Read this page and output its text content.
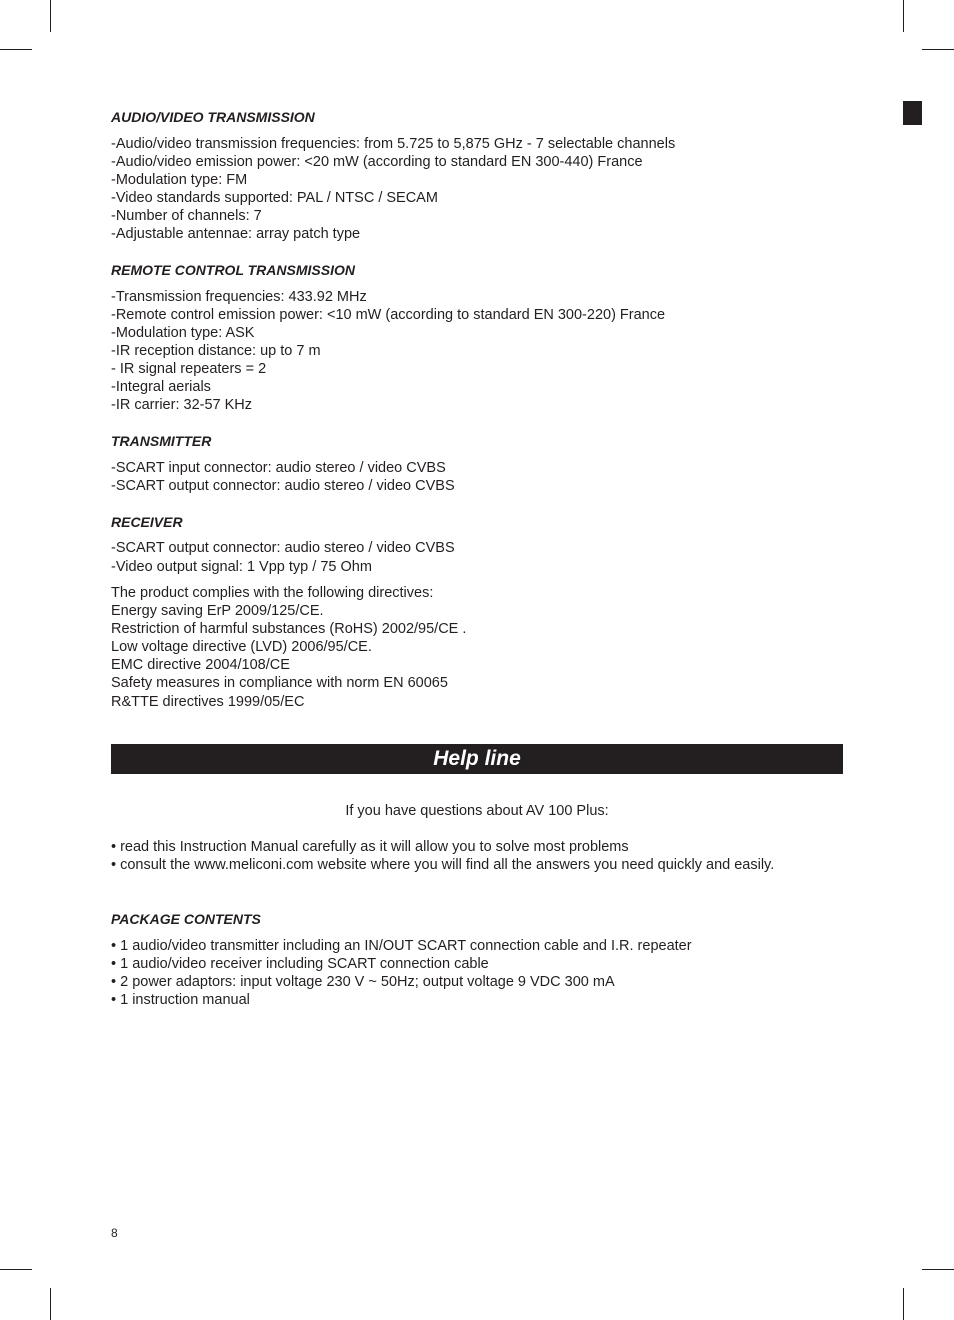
AUDIO/VIDEO TRANSMISSION
-Audio/video transmission frequencies: from 5.725 to 5,875 GHz - 7 selectable channels
-Audio/video emission power: <20 mW (according to standard EN 300-440) France
-Modulation type: FM
-Video standards supported: PAL / NTSC / SECAM
-Number of channels: 7
-Adjustable antennae: array patch type
REMOTE CONTROL TRANSMISSION
-Transmission frequencies: 433.92 MHz
-Remote control emission power: <10 mW (according to standard EN 300-220) France
-Modulation type: ASK
-IR reception distance: up to 7 m
- IR signal repeaters = 2
-Integral aerials
-IR carrier: 32-57 KHz
TRANSMITTER
-SCART input connector: audio stereo / video CVBS
-SCART output connector: audio stereo / video CVBS
RECEIVER
-SCART output connector: audio stereo / video CVBS
-Video output signal: 1 Vpp typ / 75 Ohm
The product complies with the following directives:
Energy saving ErP 2009/125/CE.
Restriction of harmful substances (RoHS) 2002/95/CE .
Low voltage directive (LVD) 2006/95/CE.
EMC directive 2004/108/CE
Safety measures in compliance with norm EN 60065
R&TTE directives 1999/05/EC
Help line
If you have questions about AV 100 Plus:
• read this Instruction Manual carefully as it will allow you to solve most problems
• consult the www.meliconi.com website where you will find all the answers you need quickly and easily.
PACKAGE CONTENTS
• 1 audio/video transmitter including an IN/OUT SCART connection cable and I.R. repeater
• 1 audio/video receiver including SCART connection cable
• 2 power adaptors: input voltage 230 V ~ 50Hz; output voltage 9 VDC 300 mA
• 1 instruction manual
8
